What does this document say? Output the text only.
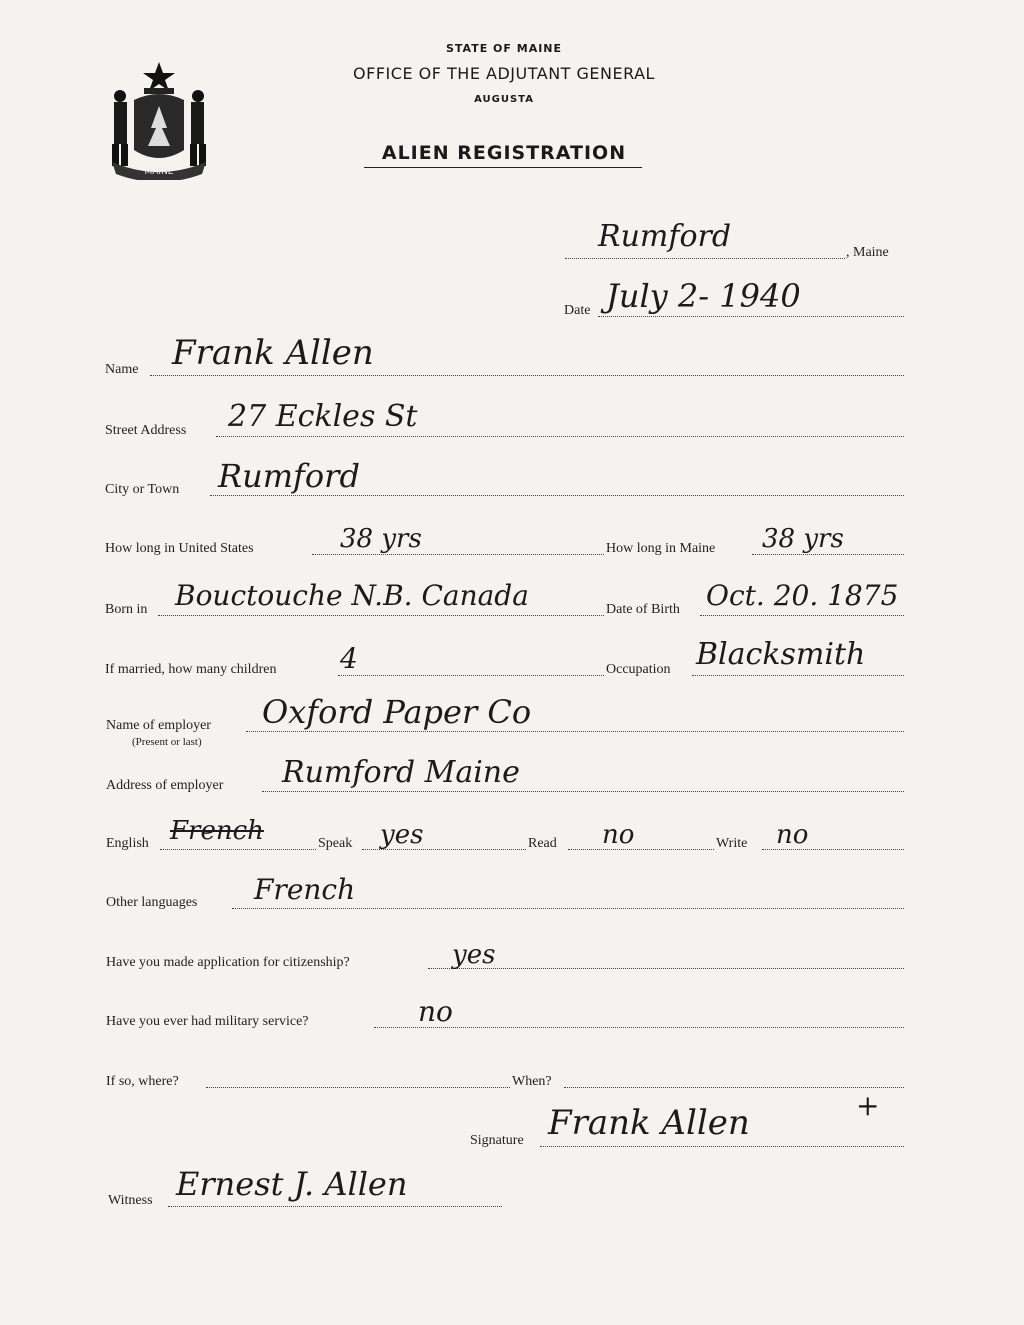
MAINE
STATE OF MAINE
OFFICE OF THE ADJUTANT GENERAL
AUGUSTA
ALIEN REGISTRATION
Rumford	, Maine
Date July 2- 1940
Name Frank Allen
Street Address 27 Eckles St
City or Town Rumford
How long in United States	38 yrs	How long in Maine 38 yrs
Born in Bouctouche N.B. Canada	Date of Birth Oct. 20. 1875
If married, how many children 4	Occupation Blacksmith
Name of employer
(Present or last)
Oxford Paper Co
Address of employer Rumford Maine
English French	Speak yes	Read no	Write no
Other languages French
Have you made application for citizenship?	yes
Have you ever had military service?	no
If so, where?	When?
Signature Frank Allen	+
Witness Ernest J. Allen
